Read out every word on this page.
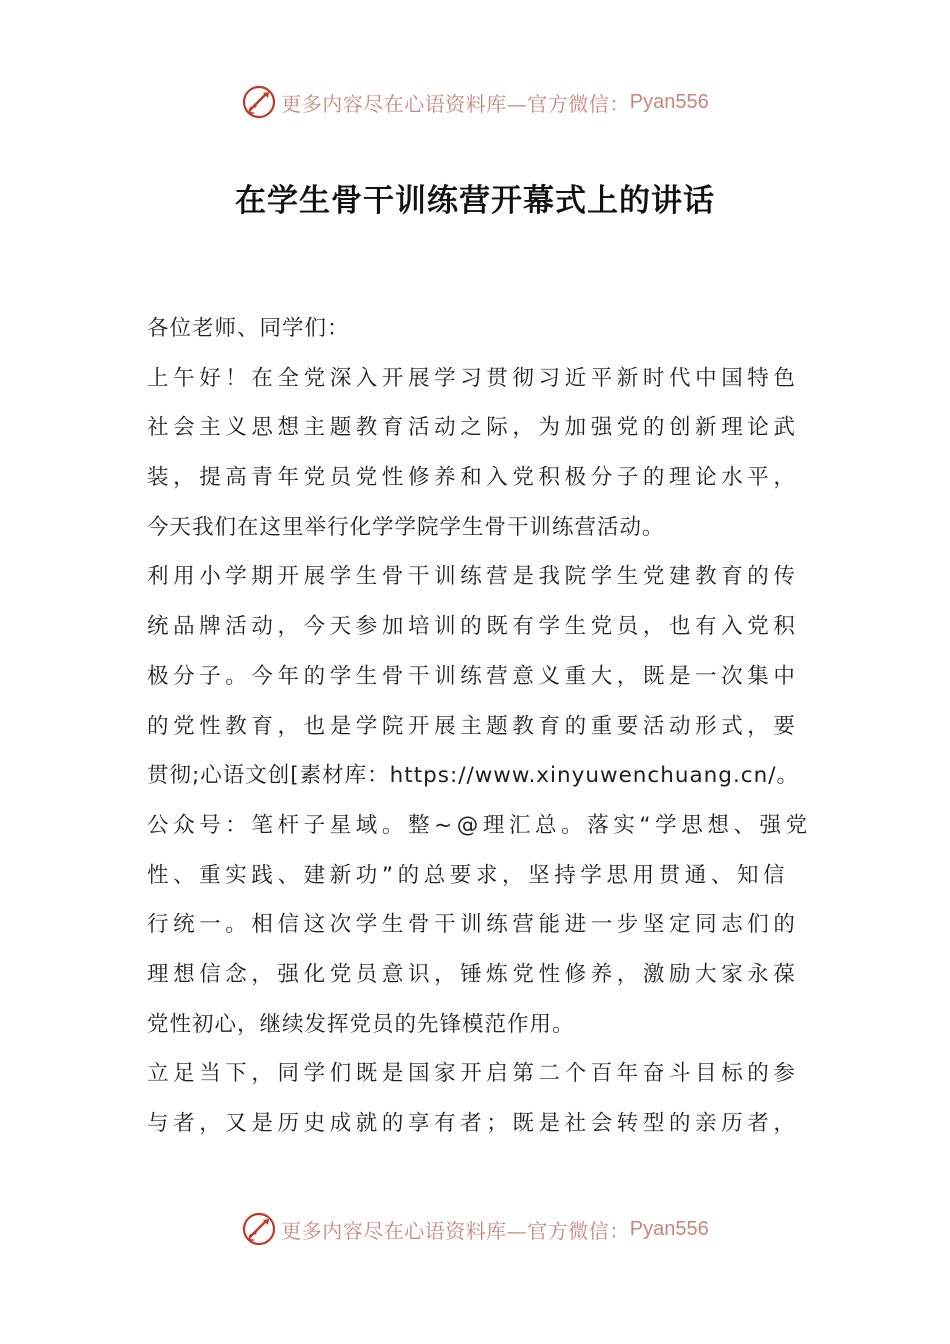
更多内容尽在心语资料库—官方微信： Pyan556
在学生骨干训练营开幕式上的讲话
各位老师、同学们：
上午好！在全党深入开展学习贯彻习近平新时代中国特色
社会主义思想主题教育活动之际，为加强党的创新理论武
装，提高青年党员党性修养和入党积极分子的理论水平，
今天我们在这里举行化学学院学生骨干训练营活动。
利用小学期开展学生骨干训练营是我院学生党建教育的传
统品牌活动，今天参加培训的既有学生党员，也有入党积
极分子。今年的学生骨干训练营意义重大，既是一次集中
的党性教育，也是学院开展主题教育的重要活动形式，要
贯彻;心语文创[素材库：https://www.xinyuwenchuang.cn/。
公众号：笔杆子星域。整~@理汇总。落实“学思想、强党
性、重实践、建新功”的总要求，坚持学思用贯通、知信
行统一。相信这次学生骨干训练营能进一步坚定同志们的
理想信念，强化党员意识，锤炼党性修养，激励大家永葆
党性初心，继续发挥党员的先锋模范作用。
立足当下，同学们既是国家开启第二个百年奋斗目标的参
与者，又是历史成就的享有者；既是社会转型的亲历者，
更多内容尽在心语资料库—官方微信： Pyan556
